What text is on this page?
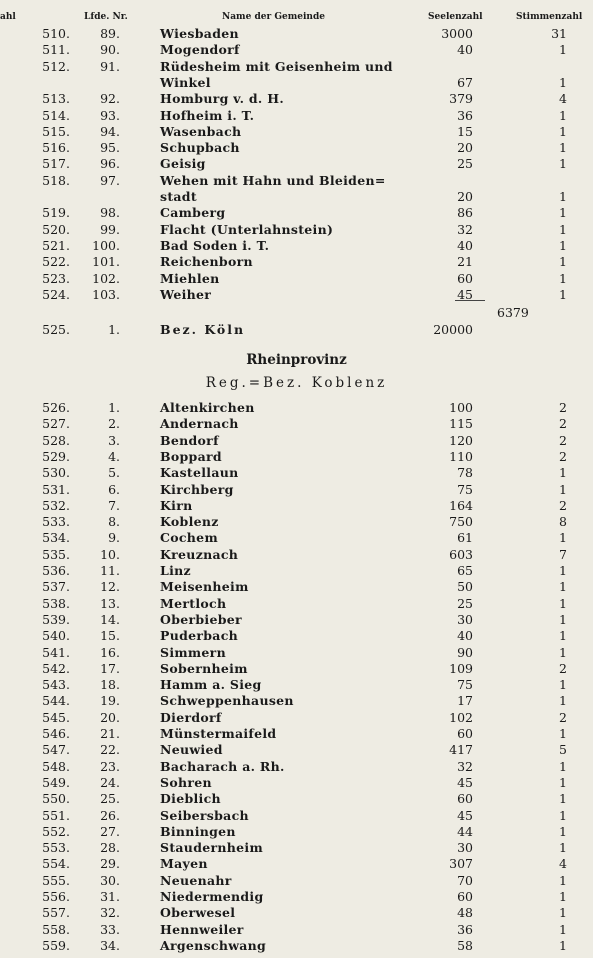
ahl	Lfde. Nr.	Name der Gemeinde	Seelenzahl	Stimmenzahl
510.	89.	Wiesbaden	3000	31
511.	90.	Mogendorf	40	1
512.	91.	Rüdesheim mit Geisenheim und
Winkel	67	1
513.	92.	Homburg v. d. H.	379	4
514.	93.	Hofheim i. T.	36	1
515.	94.	Wasenbach	15	1
516.	95.	Schupbach	20	1
517.	96.	Geisig	25	1
518.	97.	Wehen mit Hahn und Bleiden=
stadt	20	1
519.	98.	Camberg	86	1
520.	99.	Flacht (Unterlahnstein)	32	1
521.	100.	Bad Soden i. T.	40	1
522.	101.	Reichenborn	21	1
523.	102.	Miehlen	60	1
524.	103.	Weiher	45	1
6379
525.	1.	Bez. Köln	20000
Rheinprovinz
Reg.=Bez. Koblenz
526.	1.	Altenkirchen	100	2
527.	2.	Andernach	115	2
528.	3.	Bendorf	120	2
529.	4.	Boppard	110	2
530.	5.	Kastellaun	78	1
531.	6.	Kirchberg	75	1
532.	7.	Kirn	164	2
533.	8.	Koblenz	750	8
534.	9.	Cochem	61	1
535.	10.	Kreuznach	603	7
536.	11.	Linz	65	1
537.	12.	Meisenheim	50	1
538.	13.	Mertloch	25	1
539.	14.	Oberbieber	30	1
540.	15.	Puderbach	40	1
541.	16.	Simmern	90	1
542.	17.	Sobernheim	109	2
543.	18.	Hamm a. Sieg	75	1
544.	19.	Schweppenhausen	17	1
545.	20.	Dierdorf	102	2
546.	21.	Münstermaifeld	60	1
547.	22.	Neuwied	417	5
548.	23.	Bacharach a. Rh.	32	1
549.	24.	Sohren	45	1
550.	25.	Dieblich	60	1
551.	26.	Seibersbach	45	1
552.	27.	Binningen	44	1
553.	28.	Staudernheim	30	1
554.	29.	Mayen	307	4
555.	30.	Neuenahr	70	1
556.	31.	Niedermendig	60	1
557.	32.	Oberwesel	48	1
558.	33.	Hennweiler	36	1
559.	34.	Argenschwang	58	1
